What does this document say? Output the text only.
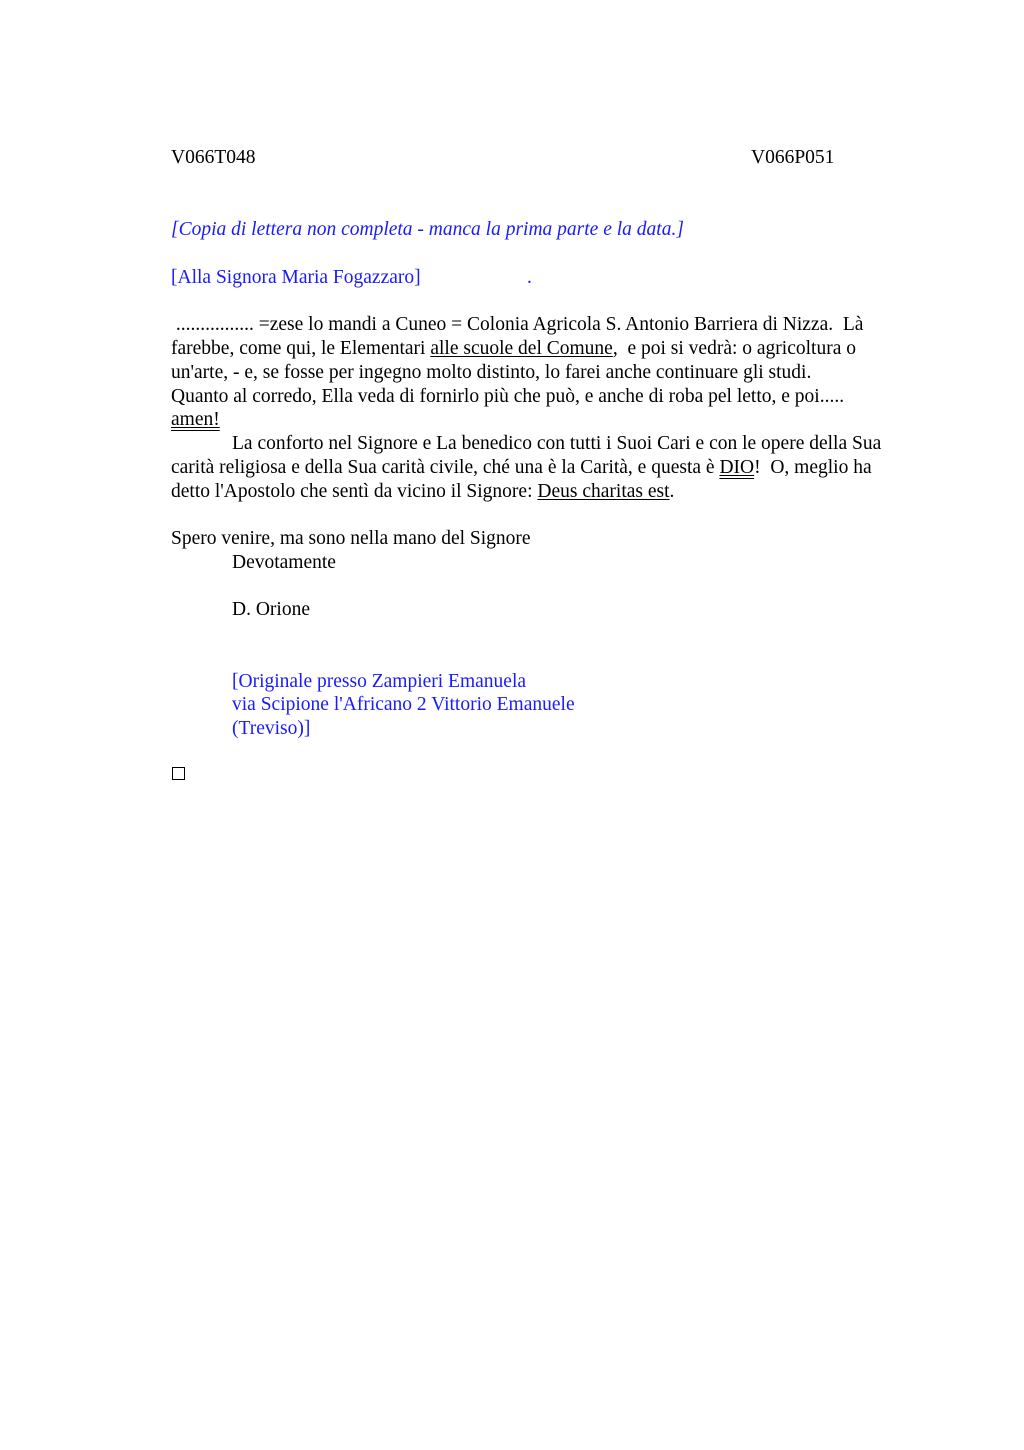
V066T048	V066P051
[Copia di lettera non completa - manca la prima parte e la data.]
[Alla Signora Maria Fogazzaro]	.
................ =zese lo mandi a Cuneo = Colonia Agricola S. Antonio Barriera di Nizza.  Là
farebbe, come qui, le Elementari alle scuole del Comune,  e poi si vedrà: o agricoltura o
un'arte, - e, se fosse per ingegno molto distinto, lo farei anche continuare gli studi.
Quanto al corredo, Ella veda di fornirlo più che può, e anche di roba pel letto, e poi.....
amen!
La conforto nel Signore e La benedico con tutti i Suoi Cari e con le opere della Sua
carità religiosa e della Sua carità civile, ché una è la Carità, e questa è DIO!  O, meglio ha
detto l'Apostolo che sentì da vicino il Signore: Deus charitas est.
Spero venire, ma sono nella mano del Signore
Devotamente
D. Orione
[Originale presso Zampieri Emanuela
via Scipione l'Africano 2 Vittorio Emanuele
(Treviso)]
